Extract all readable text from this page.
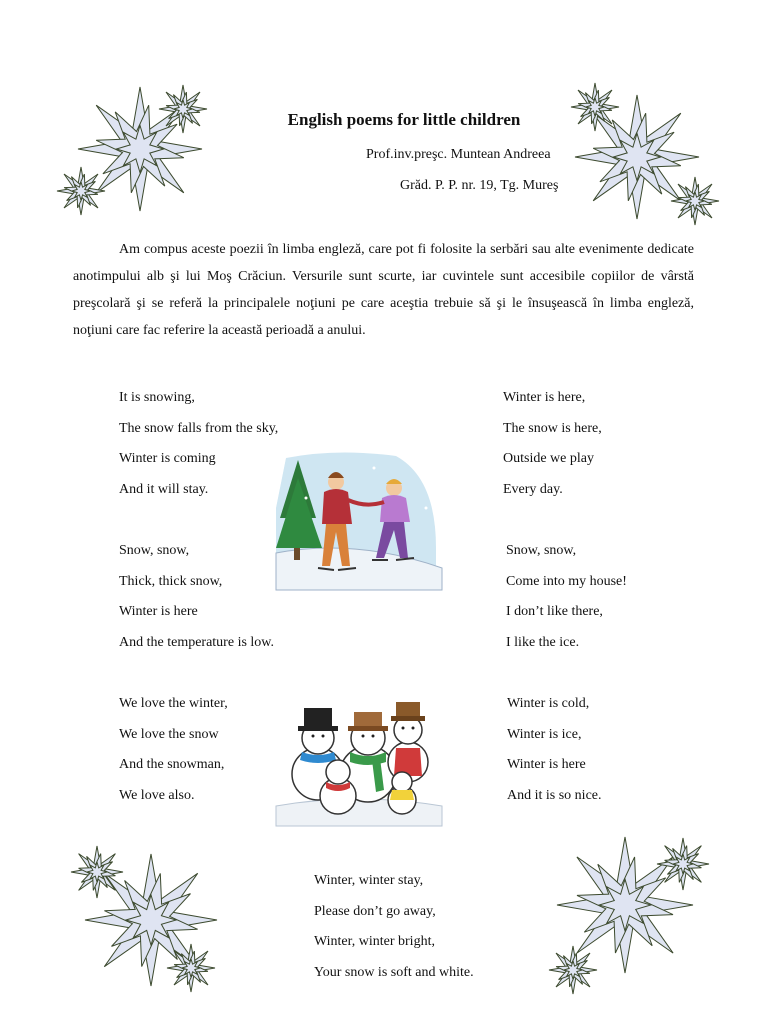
English poems for little children
Prof.inv.preşc. Muntean Andreea
Grăd. P. P. nr. 19, Tg. Mureş

Am compus aceste poezii în limba engleză, care pot fi folosite la serbări sau alte evenimente dedicate anotimpului alb şi lui Moş Crăciun. Versurile sunt scurte, iar cuvintele sunt accesibile copiilor de vârstă preşcolară şi se referă la principalele noţiuni pe care aceştia trebuie să şi le însuşească în limba engleză, noţiuni care fac referire la această perioadă a anului.

It is snowing,
The snow falls from the sky,
Winter is coming
And it will stay.
Snow, snow,
Thick, thick snow,
Winter is here
And the temperature is low.
We love the winter,
We love the snow
And the snowman,
We love also.
Winter is here,
The snow is here,
Outside we play
Every day.
Snow, snow,
Come into my house!
I don’t like there,
I like the ice.
Winter is cold,
Winter is ice,
Winter is here
And it is so nice.
Winter, winter stay,
Please don’t go away,
Winter, winter bright,
Your snow is soft and white.
